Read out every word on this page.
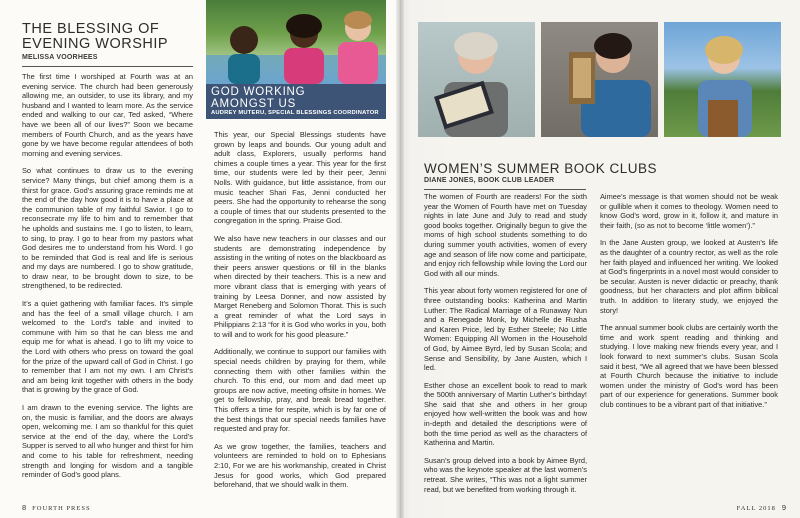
THE BLESSING OF
EVENING WORSHIP
MELISSA VOORHEES

The first time I worshiped at Fourth was at an evening service. The church had been generously allowing me, an outsider, to use its library, and my husband and I wanted to learn more. As the service ended and walking to our car, Ted asked, “Where have we been all of our lives?” Soon we became members of Fourth Church, and as the years have gone by we have become regular attendees of both morning and evening services.

So what continues to draw us to the evening service? Many things, but chief among them is a thirst for grace. God’s assuring grace reminds me at the end of the day how good it is to have a place at the communion table of my faithful Savior. I go to reconsecrate my life to him and to remember that he upholds and sustains me. I go to listen, to learn, to sing, to pray. I go to hear from my pastors what God desires me to understand from his Word. I go to be reminded that God is real and life is serious and my days are numbered. I go to show gratitude, to draw near, to be brought down to size, to be strengthened, to be redirected.

It’s a quiet gathering with familiar faces. It’s simple and has the feel of a small village church. I am welcomed to the Lord’s table and invited to commune with him so that he can bless me and equip me for what is ahead. I go to lift my voice to the Lord with others who press on toward the goal for the prize of the upward call of God in Christ. I go to remember that I am not my own. I am Christ’s and am being knit together with others in the body that is growing by the grace of God.

I am drawn to the evening service. The lights are on, the music is familiar, and the doors are always open, welcoming me. I am so thankful for this quiet service at the end of the day, where the Lord’s Supper is served to all who hunger and thirst for him and come to his table for refreshment, needing strength and longing for wisdom and a tangible reminder of God’s good plans.

GOD WORKING
AMONGST US
AUDREY MUTERU, SPECIAL BLESSINGS COORDINATOR

This year, our Special Blessings students have grown by leaps and bounds. Our young adult and adult class, Explorers, usually performs hand chimes a couple times a year. This year for the first time, our students were led by their peer, Jenni Nolls. With guidance, but little assistance, from our music teacher Shari Fas, Jenni conducted her peers. She had the opportunity to rehearse the song a couple of times that our students presented to the congregation in the spring. Praise God.

We also have new teachers in our classes and our students are demonstrating independence by assisting in the writing of notes on the blackboard as their peers answer questions or fill in the blanks when directed by their teachers. This is a new and more vibrant class that is emerging with years of training by Leesa Donner, and now assisted by Marget Reneberg and Solomon Thorat. This is such a great reminder of what the Lord says in Philippians 2:13 “for it is God who works in you, both to will and to work for his good pleasure.”

Additionally, we continue to support our families with special needs children by praying for them, while connecting them with other families within the church. To this end, our mom and dad meet up groups are now active, meeting offsite in homes. We get to fellowship, pray, and break bread together. This offers a time for respite, which is by far one of the best things that our special needs families have requested and pray for.

As we grow together, the families, teachers and volunteers are reminded to hold on to Ephesians 2:10, For we are his workmanship, created in Christ Jesus for good works, which God prepared beforehand, that we should walk in them.

8 FOURTH PRESS
WOMEN’S SUMMER BOOK CLUBS
DIANE JONES, BOOK CLUB LEADER

The women of Fourth are readers! For the sixth year the Women of Fourth have met on Tuesday nights in late June and July to read and study good books together. Originally begun to give the moms of high school students something to do during summer youth activities, women of every age and season of life now come and participate, and enjoy rich fellowship while loving the Lord our God with all our minds.

This year about forty women registered for one of three outstanding books: Katherina and Martin Luther: The Radical Marriage of a Runaway Nun and a Renegade Monk, by Michelle de Rusha and Karen Price, led by Esther Steele; No Little Women: Equipping All Women in the Household of God, by Aimee Byrd, led by Susan Scola; and Sense and Sensibility, by Jane Austen, which I led.

Esther chose an excellent book to read to mark the 500th anniversary of Martin Luther’s birthday! She said that she and others in her group enjoyed how well-written the book was and how in-depth and detailed the descriptions were of both the time period as well as the characters of Katherina and Martin.

Susan’s group delved into a book by Aimee Byrd, who was the keynote speaker at the last women’s retreat. She writes, “This was not a light summer read, but we benefited from working through it.

Aimee’s message is that women should not be weak or gullible when it comes to theology. Women need to know God’s word, grow in it, follow it, and mature in their faith, (so as not to become ‘little women’).”

In the Jane Austen group, we looked at Austen’s life as the daughter of a country rector, as well as the role her faith played and influenced her writing. We looked at God’s fingerprints in a novel most would consider to be secular. Austen is never didactic or preachy, thank goodness, but her characters and plot affirm biblical truth. In addition to literary study, we enjoyed the story!

The annual summer book clubs are certainly worth the time and work spent reading and thinking and studying. I love making new friends every year, and I look forward to next summer’s clubs. Susan Scola said it best, “We all agreed that we have been blessed at Fourth Church because the initiative to include women under the ministry of God’s word has been part of our experience for generations. Summer book club continues to be a vibrant part of that initiative.”

FALL 2018 9
